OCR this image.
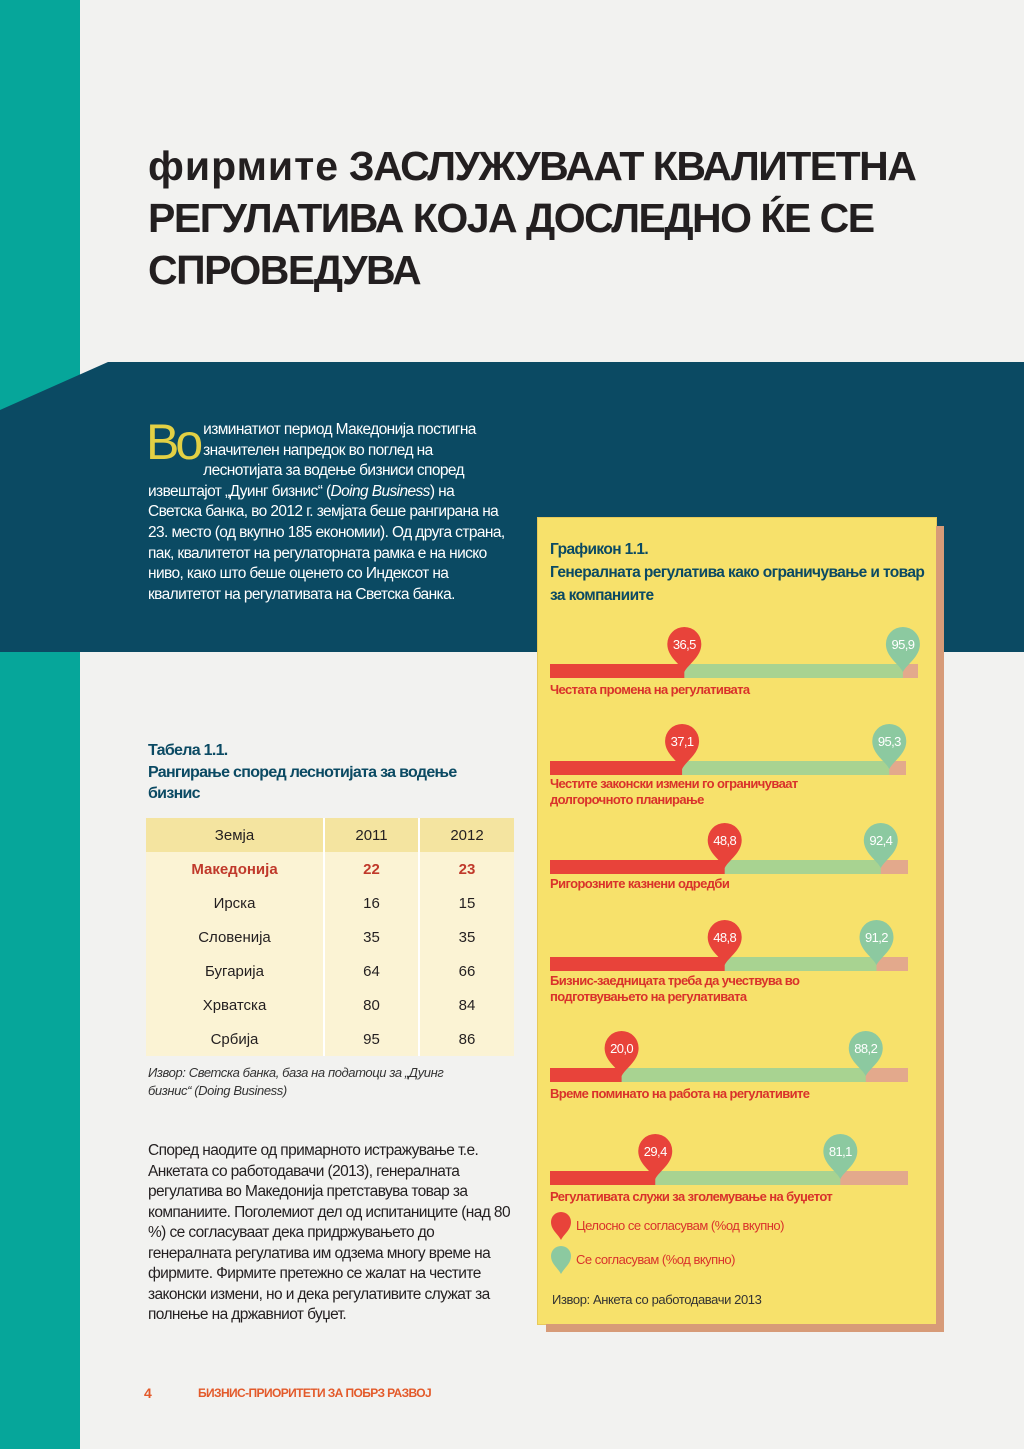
фирмите ЗАСЛУЖУВААТ КВАЛИТЕТНА РЕГУЛАТИВА КОЈА ДОСЛЕДНО ЌЕ СЕ СПРОВЕДУВА
Во изминатиот период Македонија постигна значителен напредок во поглед на леснотијата за водење бизниси според извештајот „Дуинг бизнис“ (Doing Business) на Светска банка, во 2012 г. земјата беше рангирана на 23. место (од вкупно 185 економии). Од друга страна, пак, квалитетот на регулаторната рамка е на ниско ниво, како што беше оценето со Индексот на квалитетот на регулативата на Светска банка.
Табела 1.1.
Рангирање според леснотијата за водење бизнис
Земја	2011	2012
Македонија	22	23
Ирска	16	15
Словенија	35	35
Бугарија	64	66
Хрватска	80	84
Србија	95	86
Извор: Светска банка, база на податоци за „Дуинг бизнис“ (Doing Business)
Според наодите од примарното истражување т.е. Анкетата со работодавачи (2013), генералната регулатива во Македонија претставува товар за компаниите. Поголемиот дел од испитаниците (над 80 %) се согласуваат дека придржувањето до генералната регулатива им одзема многу време на фирмите. Фирмите претежно се жалат на честите законски измени, но и дека регулативите служат за полнење на државниот буџет.
Графикон 1.1.
Генералната регулатива како ограничување и товар за компаниите
36,5	95,9
Честата промена на регулативата
37,1	95,3
Честите законски измени го ограничуваат
долгорочното планирање
48,8	92,4
Ригорозните казнени одредби
48,8	91,2
Бизнис-заедницата треба да учествува во
подготвувањето на регулативата
20,0	88,2
Времe поминато на работа на регулативите
29,4	81,1
Регулативата служи за зголемување на буџетот
Целосно се согласувам (%од вкупно)
Се согласувам (%од вкупно)
Извор: Анкета со работодавачи 2013
4	БИЗНИС-ПРИОРИТЕТИ ЗА ПОБРЗ РАЗВОЈ
